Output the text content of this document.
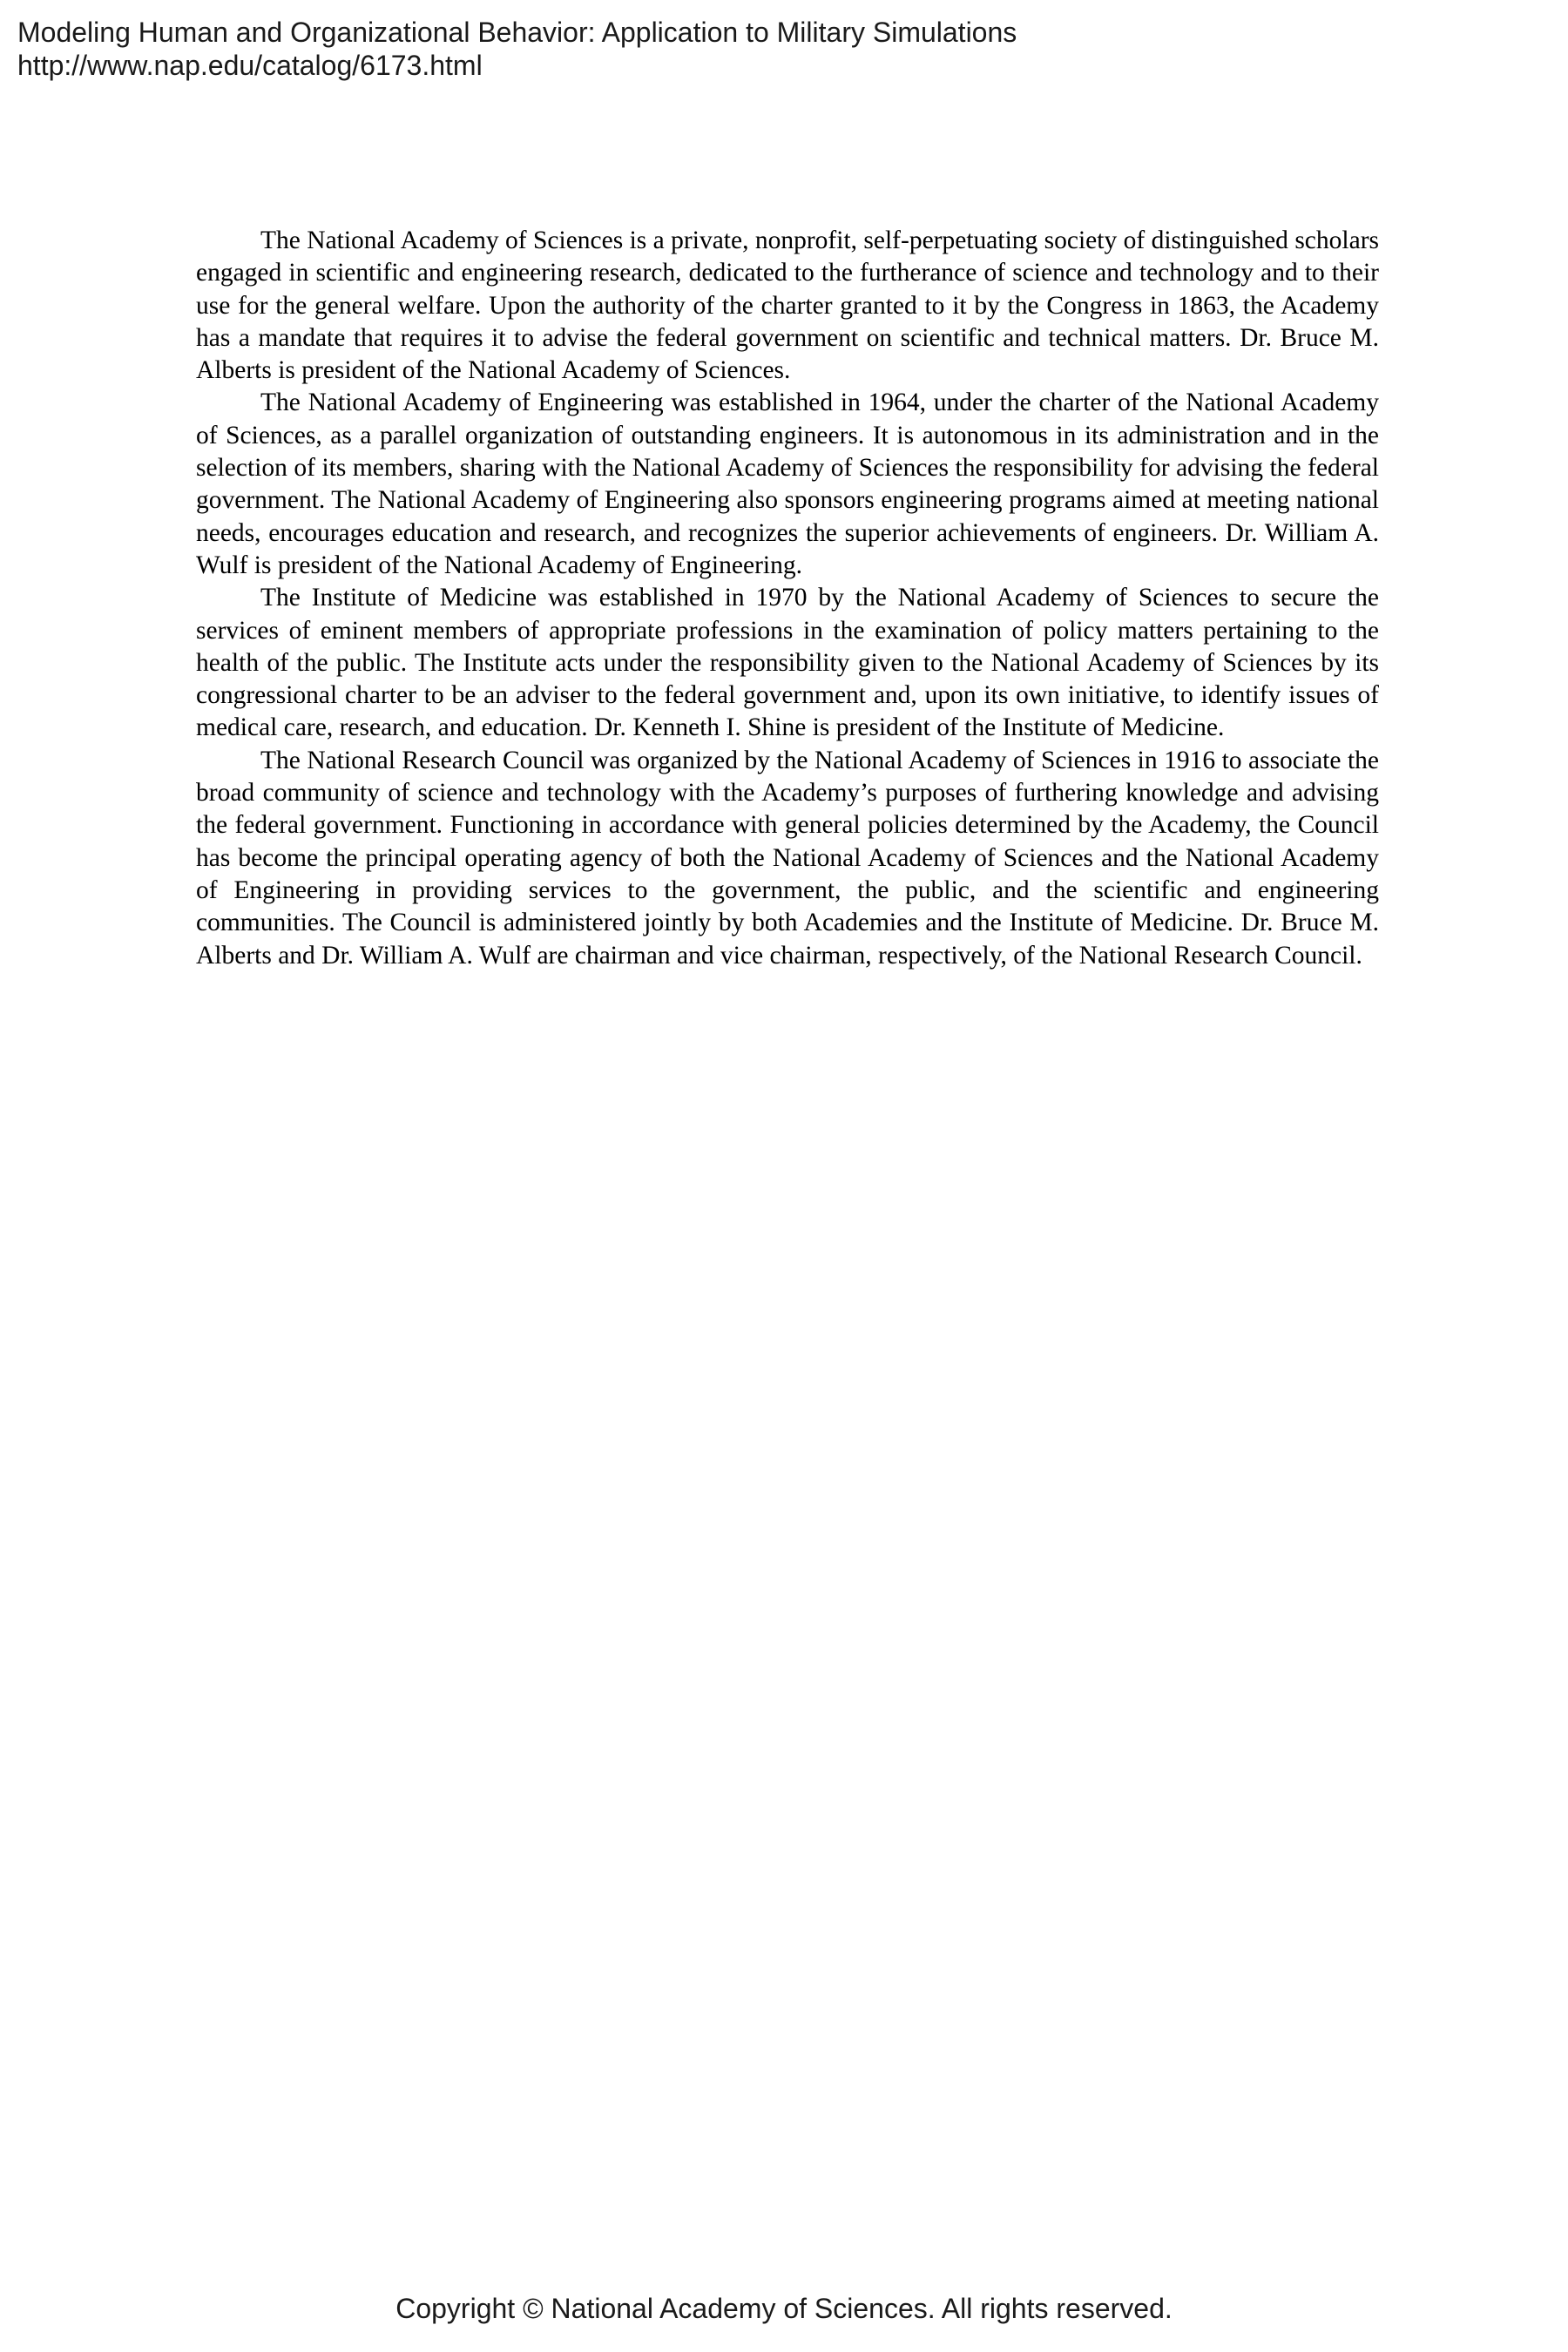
Modeling Human and Organizational Behavior: Application to Military Simulations
http://www.nap.edu/catalog/6173.html

The National Academy of Sciences is a private, nonprofit, self-perpetuating society of distinguished scholars engaged in scientific and engineering research, dedicated to the furtherance of science and technology and to their use for the general welfare. Upon the authority of the charter granted to it by the Congress in 1863, the Academy has a mandate that requires it to advise the federal government on scientific and technical matters. Dr. Bruce M. Alberts is president of the National Academy of Sciences.

The National Academy of Engineering was established in 1964, under the charter of the National Academy of Sciences, as a parallel organization of outstanding engineers. It is autonomous in its administration and in the selection of its members, sharing with the National Academy of Sciences the responsibility for advising the federal government. The National Academy of Engineering also sponsors engineering programs aimed at meeting national needs, encourages education and research, and recognizes the superior achievements of engineers. Dr. William A. Wulf is president of the National Academy of Engineering.

The Institute of Medicine was established in 1970 by the National Academy of Sciences to secure the services of eminent members of appropriate professions in the examination of policy matters pertaining to the health of the public. The Institute acts under the responsibility given to the National Academy of Sciences by its congressional charter to be an adviser to the federal government and, upon its own initiative, to identify issues of medical care, research, and education. Dr. Kenneth I. Shine is president of the Institute of Medicine.

The National Research Council was organized by the National Academy of Sciences in 1916 to associate the broad community of science and technology with the Academy’s purposes of furthering knowledge and advising the federal government. Functioning in accordance with general policies determined by the Academy, the Council has become the principal operating agency of both the National Academy of Sciences and the National Academy of Engineering in providing services to the government, the public, and the scientific and engineering communities. The Council is administered jointly by both Academies and the Institute of Medicine. Dr. Bruce M. Alberts and Dr. William A. Wulf are chairman and vice chairman, respectively, of the National Research Council.

Copyright © National Academy of Sciences. All rights reserved.
